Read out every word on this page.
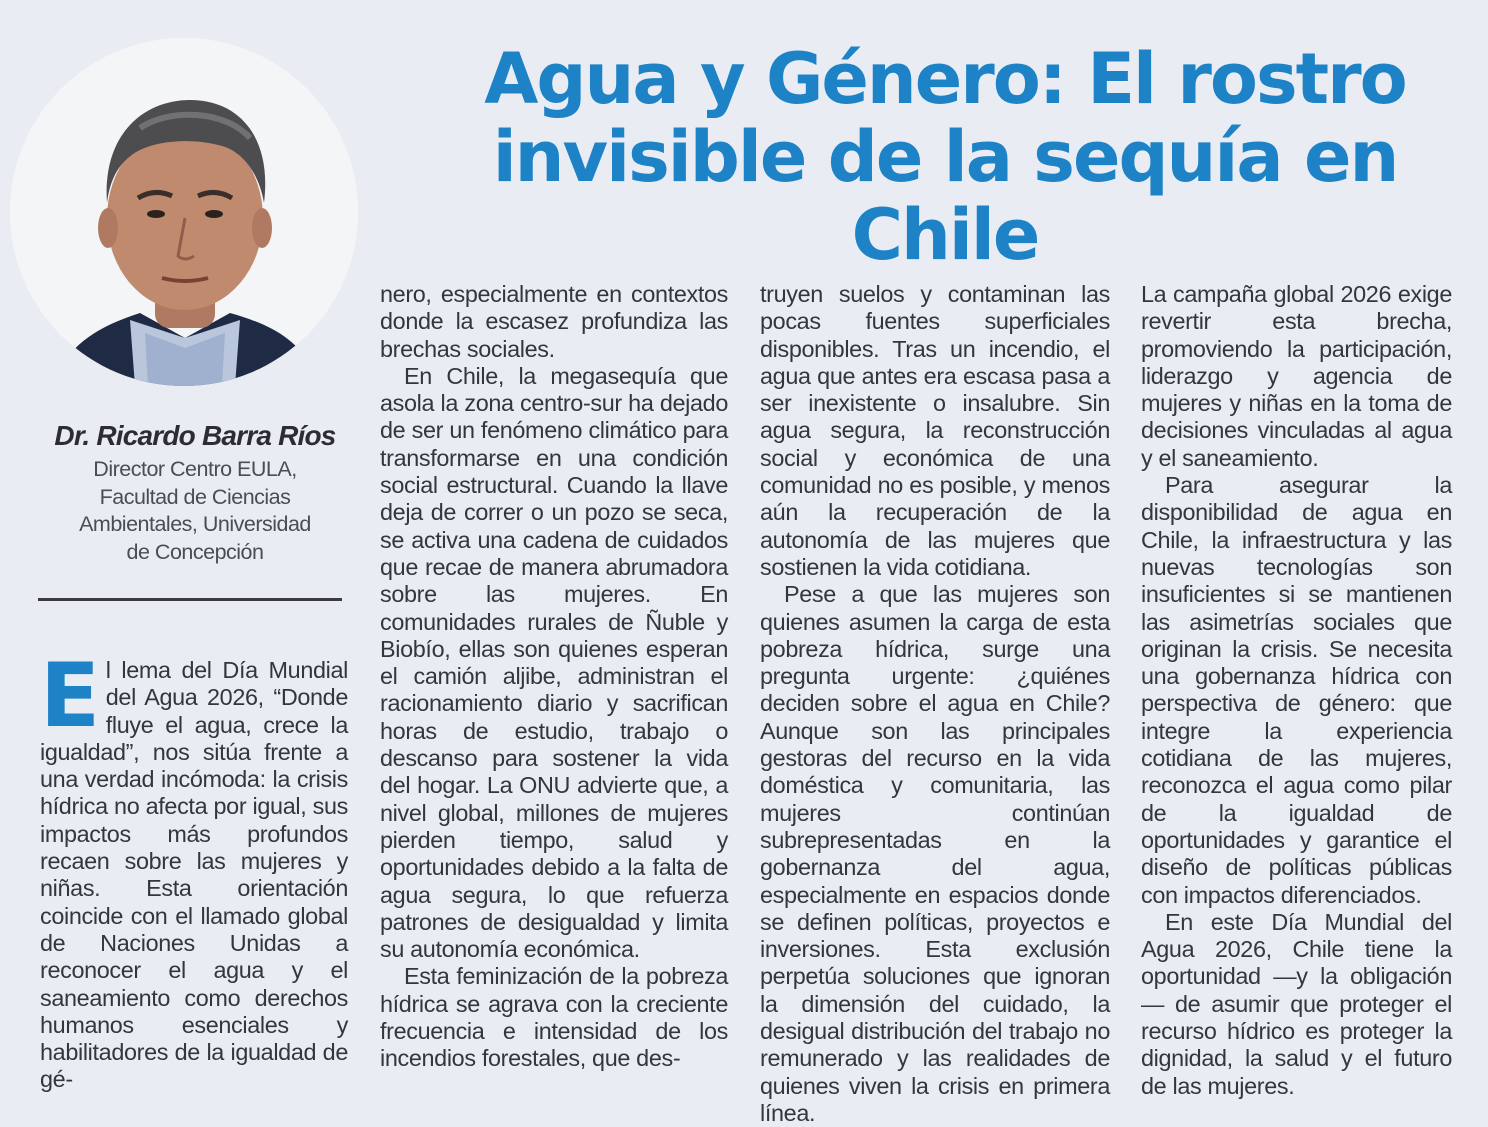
Agua y Género: El rostro
invisible de la sequía en Chile
Dr. Ricardo Barra Ríos
Director Centro EULA,
Facultad de Ciencias
Ambientales, Universidad
de Concepción

El lema del Día Mundial del Agua 2026, “Donde fluye el agua, crece la igualdad”, nos sitúa frente a una verdad incómoda: la crisis hídrica no afecta por igual, sus impactos más profundos recaen sobre las mujeres y niñas. Esta orientación coincide con el llamado global de Naciones Unidas a reconocer el agua y el saneamiento como derechos humanos esenciales y habilitadores de la igualdad de gé-

nero, especialmente en contextos donde la escasez profundiza las brechas sociales.

En Chile, la megasequía que asola la zona centro-sur ha dejado de ser un fenómeno climático para transformarse en una condición social estructural. Cuando la llave deja de correr o un pozo se seca, se activa una cadena de cuidados que recae de manera abrumadora sobre las mujeres. En comunidades rurales de Ñuble y Biobío, ellas son quienes esperan el camión aljibe, administran el racionamiento diario y sacrifican horas de estudio, trabajo o descanso para sostener la vida del hogar. La ONU advierte que, a nivel global, millones de mujeres pierden tiempo, salud y oportunidades debido a la falta de agua segura, lo que refuerza patrones de desigualdad y limita su autonomía económica.

Esta feminización de la pobreza hídrica se agrava con la creciente frecuencia e intensidad de los incendios forestales, que des-

truyen suelos y contaminan las pocas fuentes superficiales disponibles. Tras un incendio, el agua que antes era escasa pasa a ser inexistente o insalubre. Sin agua segura, la reconstrucción social y económica de una comunidad no es posible, y menos aún la recuperación de la autonomía de las mujeres que sostienen la vida cotidiana.

Pese a que las mujeres son quienes asumen la carga de esta pobreza hídrica, surge una pregunta urgente: ¿quiénes deciden sobre el agua en Chile? Aunque son las principales gestoras del recurso en la vida doméstica y comunitaria, las mujeres continúan subrepresentadas en la gobernanza del agua, especialmente en espacios donde se definen políticas, proyectos e inversiones. Esta exclusión perpetúa soluciones que ignoran la dimensión del cuidado, la desigual distribución del trabajo no remunerado y las realidades de quienes viven la crisis en primera línea.

La campaña global 2026 exige revertir esta brecha, promoviendo la participación, liderazgo y agencia de mujeres y niñas en la toma de decisiones vinculadas al agua y el saneamiento.

Para asegurar la disponibilidad de agua en Chile, la infraestructura y las nuevas tecnologías son insuficientes si se mantienen las asimetrías sociales que originan la crisis. Se necesita una gobernanza hídrica con perspectiva de género: que integre la experiencia cotidiana de las mujeres, reconozca el agua como pilar de la igualdad de oportunidades y garantice el diseño de políticas públicas con impactos diferenciados.

En este Día Mundial del Agua 2026, Chile tiene la oportunidad —y la obligación— de asumir que proteger el recurso hídrico es proteger la dignidad, la salud y el futuro de las mujeres.
